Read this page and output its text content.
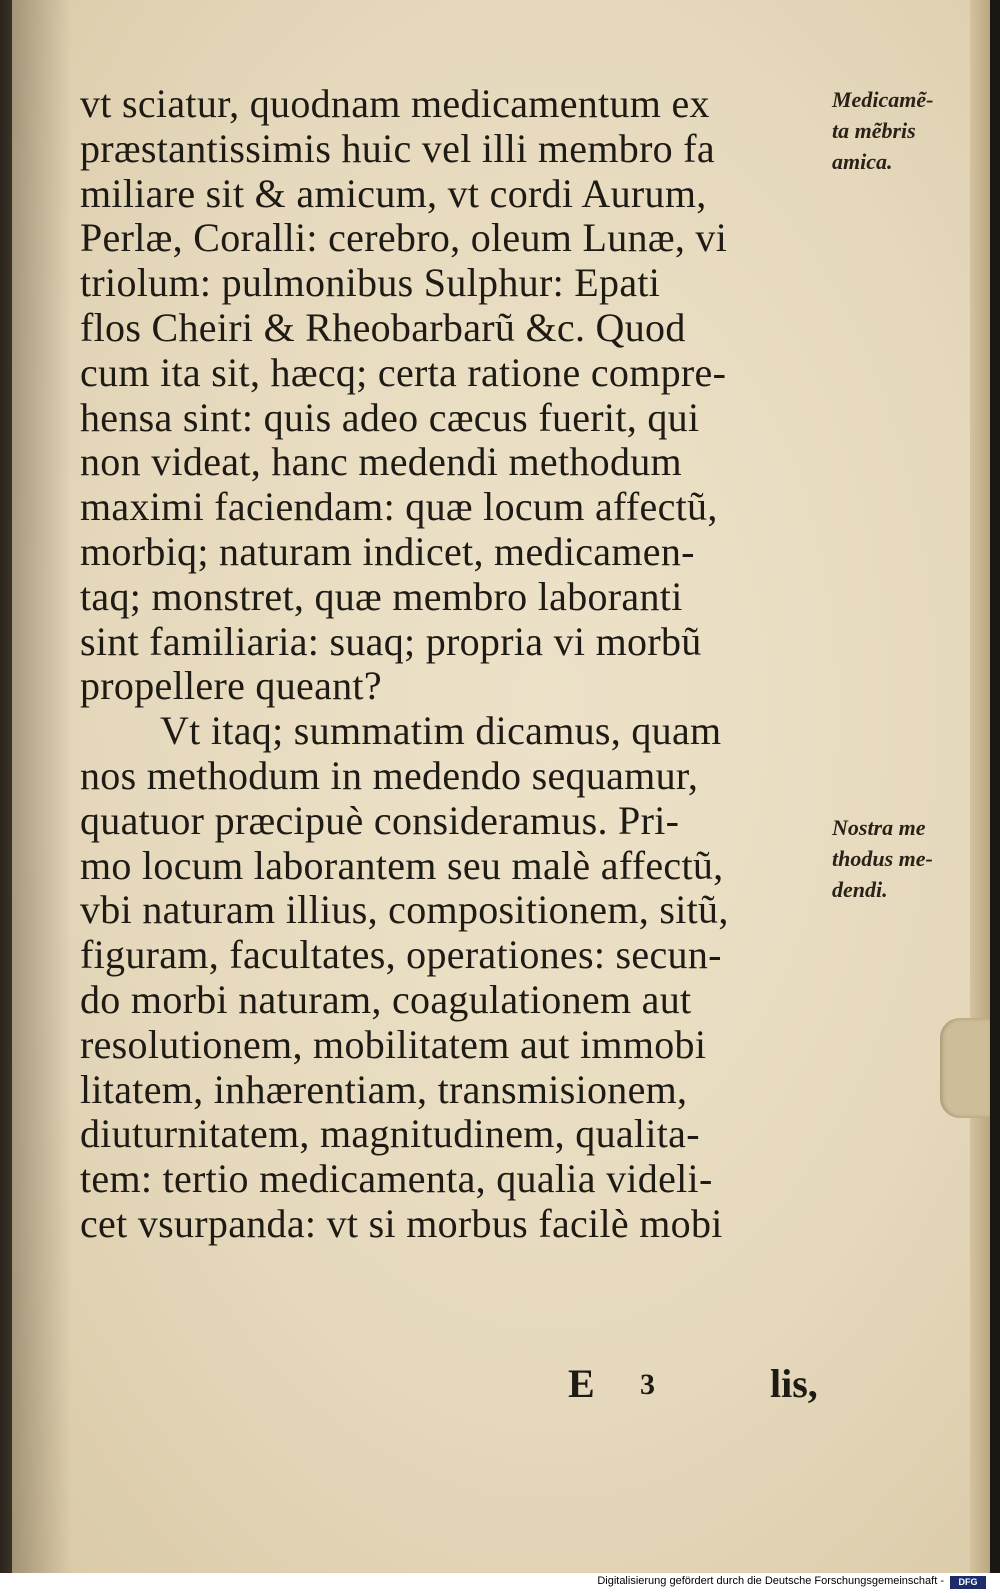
vt sciatur, quodnam medicamentum ex
præstantissimis huic vel illi membro fa
miliare sit & amicum, vt cordi Aurum,
Perlæ, Coralli: cerebro, oleum Lunæ, vi
triolum: pulmonibus Sulphur: Epati
flos Cheiri & Rheobarbarũ &c. Quod
cum ita sit, hæcq; certa ratione compre-
hensa sint: quis adeo cæcus fuerit, qui
non videat, hanc medendi methodum
maximi faciendam: quæ locum affectũ,
morbiq; naturam indicet, medicamen-
taq; monstret, quæ membro laboranti
sint familiaria: suaq; propria vi morbũ
propellere queant?
Vt itaq; summatim dicamus, quam
nos methodum in medendo sequamur,
quatuor præcipuè consideramus. Pri-
mo locum laborantem seu malè affectũ,
vbi naturam illius, compositionem, sitũ,
figuram, facultates, operationes: secun-
do morbi naturam, coagulationem aut
resolutionem, mobilitatem aut immobi
litatem, inhærentiam, transmisionem,
diuturnitatem, magnitudinem, qualita-
tem: tertio medicamenta, qualia videli-
cet vsurpanda: vt si morbus facilè mobi
Medicamẽ-
ta mẽbris
amica.
Nostra me
thodus me-
dendi.
E 3	lis,
Digitalisierung gefördert durch die Deutsche Forschungsgemeinschaft -	DFG
